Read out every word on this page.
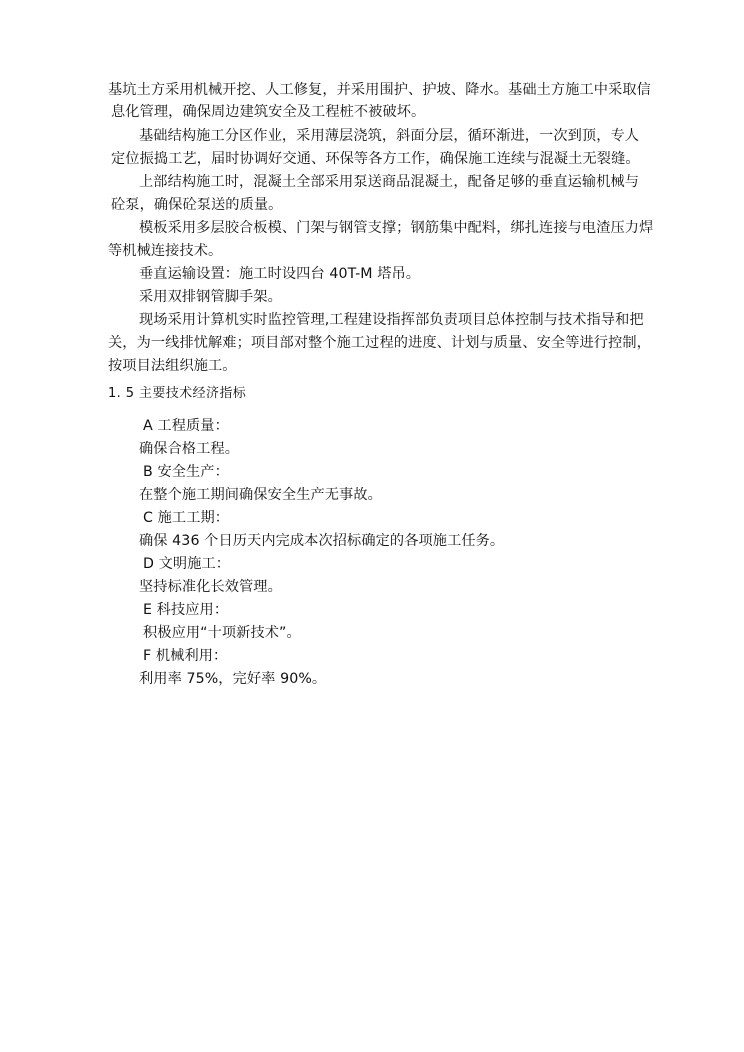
基坑土方采用机械开挖、人工修复，并采用围护、护坡、降水。基础土方施工中采取信
息化管理，确保周边建筑安全及工程桩不被破坏。
基础结构施工分区作业，采用薄层浇筑，斜面分层，循环渐进，一次到顶，专人
定位振捣工艺，届时协调好交通、环保等各方工作，确保施工连续与混凝土无裂缝。
上部结构施工时，混凝土全部采用泵送商品混凝土，配备足够的垂直运输机械与
砼泵，确保砼泵送的质量。
模板采用多层胶合板模、门架与钢管支撑；钢筋集中配料，绑扎连接与电渣压力焊
等机械连接技术。
垂直运输设置：施工时设四台 40T-M 塔吊。
采用双排钢管脚手架。
现场采用计算机实时监控管理,工程建设指挥部负责项目总体控制与技术指导和把
关，为一线排忧解难；项目部对整个施工过程的进度、计划与质量、安全等进行控制，
按项目法组织施工。
1. 5 主要技术经济指标
A 工程质量：
确保合格工程。
B 安全生产：
在整个施工期间确保安全生产无事故。
C 施工工期：
确保 436 个日历天内完成本次招标确定的各项施工任务。
D 文明施工：
坚持标准化长效管理。
E 科技应用：
积极应用“十项新技术”。
F 机械利用：
利用率 75%，完好率 90%。
